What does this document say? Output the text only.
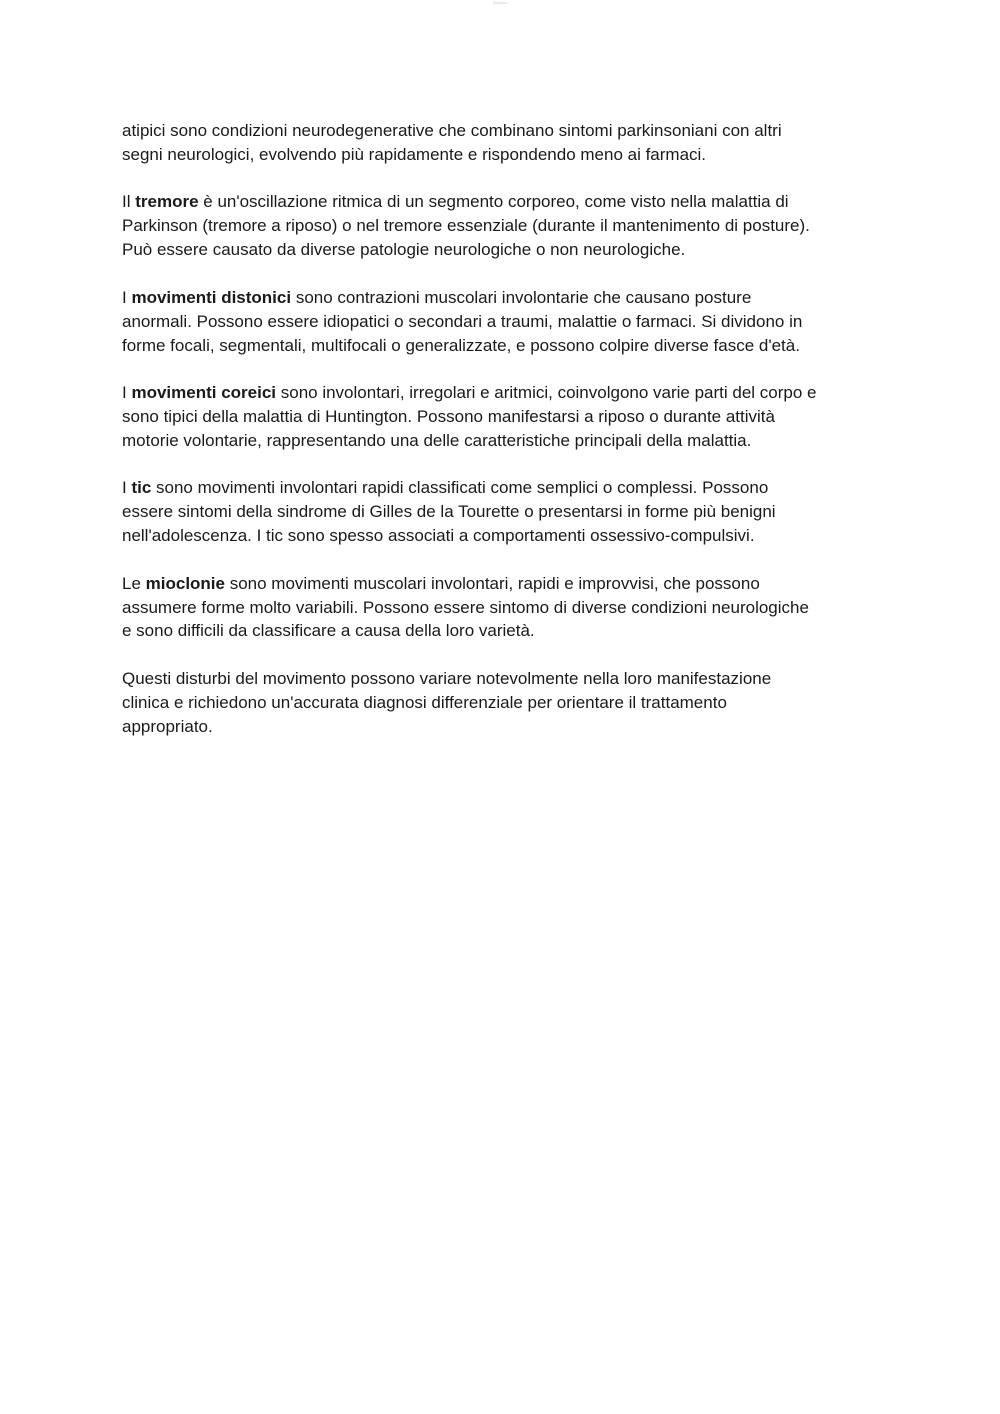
Studocu

atipici sono condizioni neurodegenerative che combinano sintomi parkinsoniani con altri
segni neurologici, evolvendo più rapidamente e rispondendo meno ai farmaci.

Il tremore è un'oscillazione ritmica di un segmento corporeo, come visto nella malattia di
Parkinson (tremore a riposo) o nel tremore essenziale (durante il mantenimento di posture).
Può essere causato da diverse patologie neurologiche o non neurologiche.

I movimenti distonici sono contrazioni muscolari involontarie che causano posture
anormali. Possono essere idiopatici o secondari a traumi, malattie o farmaci. Si dividono in
forme focali, segmentali, multifocali o generalizzate, e possono colpire diverse fasce d'età.

I movimenti coreici sono involontari, irregolari e aritmici, coinvolgono varie parti del corpo e
sono tipici della malattia di Huntington. Possono manifestarsi a riposo o durante attività
motorie volontarie, rappresentando una delle caratteristiche principali della malattia.

I tic sono movimenti involontari rapidi classificati come semplici o complessi. Possono
essere sintomi della sindrome di Gilles de la Tourette o presentarsi in forme più benigni
nell'adolescenza. I tic sono spesso associati a comportamenti ossessivo-compulsivi.

Le mioclonie sono movimenti muscolari involontari, rapidi e improvvisi, che possono
assumere forme molto variabili. Possono essere sintomo di diverse condizioni neurologiche
e sono difficili da classificare a causa della loro varietà.

Questi disturbi del movimento possono variare notevolmente nella loro manifestazione
clinica e richiedono un'accurata diagnosi differenziale per orientare il trattamento
appropriato.
